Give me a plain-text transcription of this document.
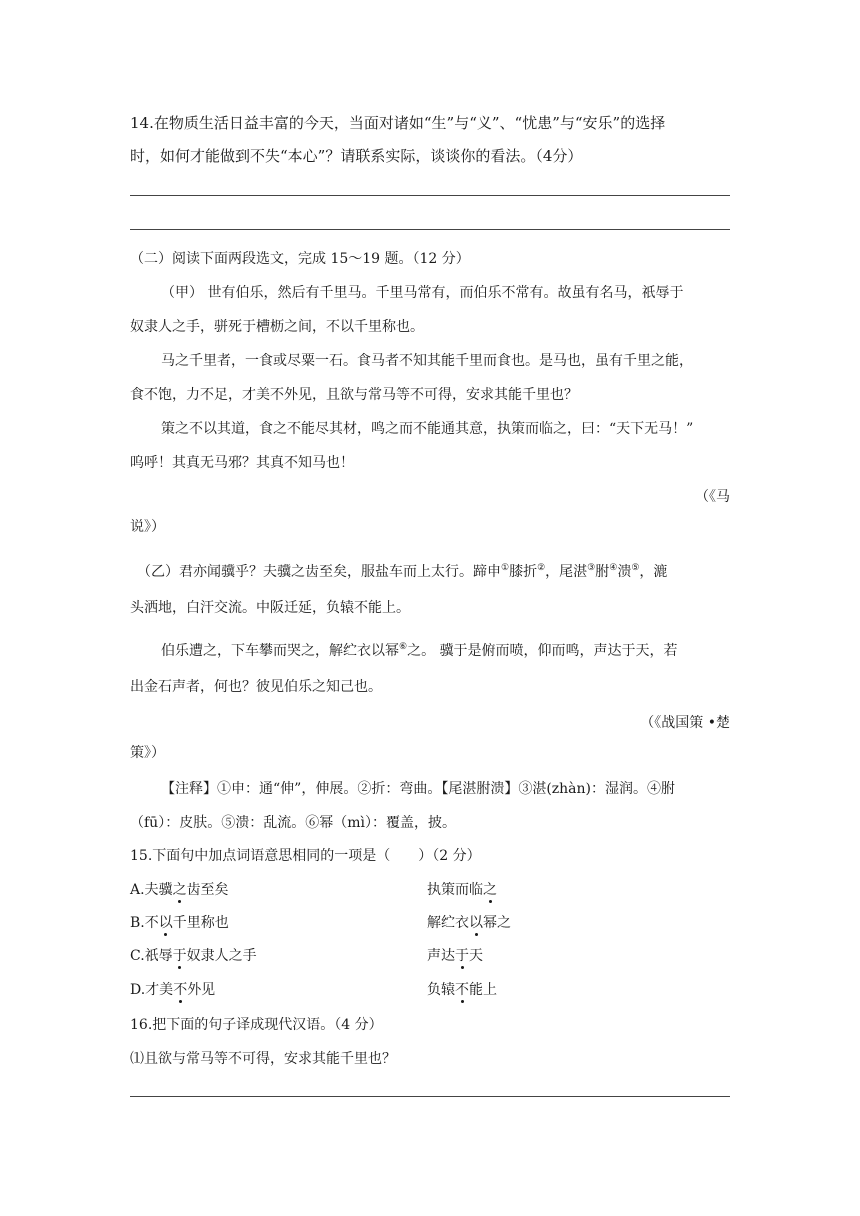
14.在物质生活日益丰富的今天，当面对诸如“生”与“义”、“忧患”与“安乐”的选择
时，如何才能做到不失“本心”？请联系实际，谈谈你的看法。（4分）
（二）阅读下面两段选文，完成 15～19 题。（12 分）
（甲） 世有伯乐，然后有千里马。千里马常有，而伯乐不常有。故虽有名马，祇辱于
奴隶人之手，骈死于槽枥之间，不以千里称也。
马之千里者，一食或尽粟一石。食马者不知其能千里而食也。是马也，虽有千里之能，
食不饱，力不足，才美不外见，且欲与常马等不可得，安求其能千里也？
策之不以其道，食之不能尽其材，鸣之而不能通其意，执策而临之，曰：“天下无马！”
呜呼！其真无马邪？其真不知马也！
（《马
说》）
（乙）君亦闻骥乎？夫骥之齿至矣，服盐车而上太行。蹄申①膝折②，尾湛③胕④溃⑤，漉
头洒地，白汗交流。中阪迁延，负辕不能上。
伯乐遭之，下车攀而哭之，解纻衣以幂⑥之。 骥于是俯而喷，仰而鸣，声达于天，若
出金石声者，何也？彼见伯乐之知己也。
（《战国策 •楚
策》）
【注释】①申：通“伸”，伸展。②折：弯曲。【尾湛胕溃】③湛(zhàn)：湿润。④胕
（fū）：皮肤。⑤溃：乱流。⑥幂（mì）：覆盖，披。
15.下面句中加点词语意思相同的一项是（　　）（2 分）
A.夫骥之齿至矣	执策而临之
B.不以千里称也	解纻衣以幂之
C.祇辱于奴隶人之手	声达于天
D.才美不外见	负辕不能上
16.把下面的句子译成现代汉语。（4 分）
⑴且欲与常马等不可得，安求其能千里也？
